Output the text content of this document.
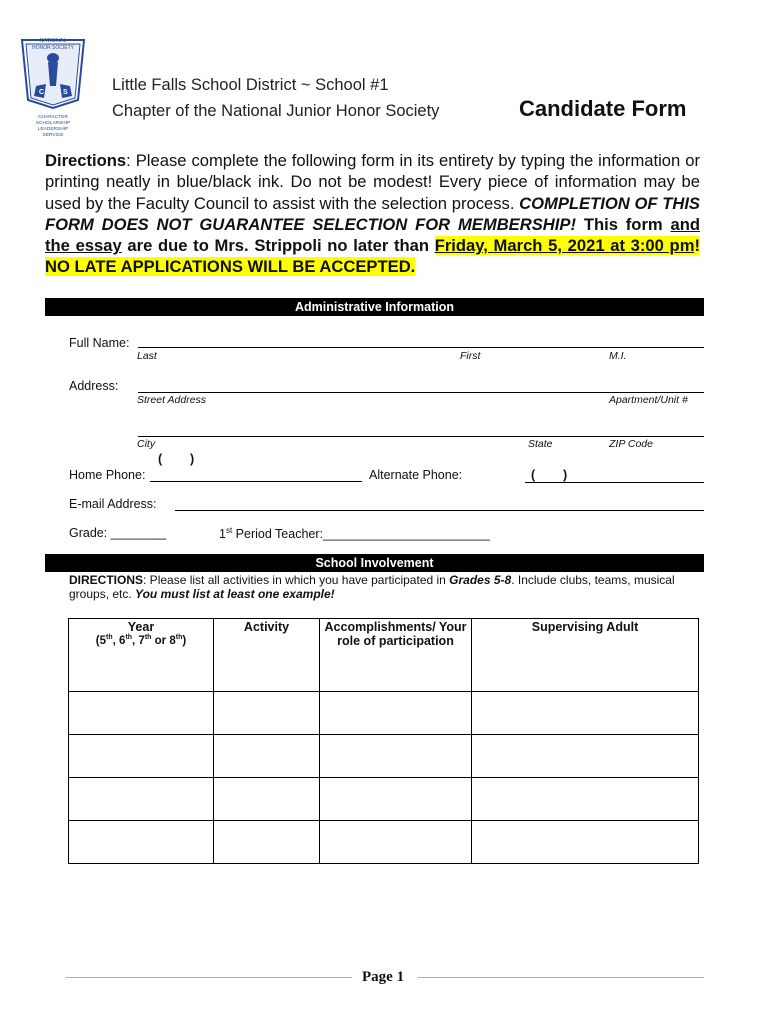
NATIONAL
HONOR SOCIETY
C	S
CHARACTER
SCHOLARSHIP
LEADERSHIP
SERVICE
Little Falls School District ~ School #1
Chapter of the National Junior Honor Society	Candidate Form
Directions: Please complete the following form in its entirety by typing the information or printing neatly in blue/black ink. Do not be modest! Every piece of information may be used by the Faculty Council to assist with the selection process. COMPLETION OF THIS FORM DOES NOT GUARANTEE SELECTION FOR MEMBERSHIP! This form and the essay are due to Mrs. Strippoli no later than Friday, March 5, 2021 at 3:00 pm! NO LATE APPLICATIONS WILL BE ACCEPTED.
Administrative Information
Full Name:
Last	First	M.I.
Address:
Street Address	Apartment/Unit #
City	State	ZIP Code
(        )
Home Phone:	Alternate Phone:	(        )
E-mail Address:
Grade: ________	1st Period Teacher:________________________
School Involvement
DIRECTIONS: Please list all activities in which you have participated in Grades 5-8. Include clubs, teams, musical groups, etc. You must list at least one example!
Year
(5th, 6th, 7th or 8th)	Activity	Accomplishments/ Your role of participation	Supervising Adult

Page 1
